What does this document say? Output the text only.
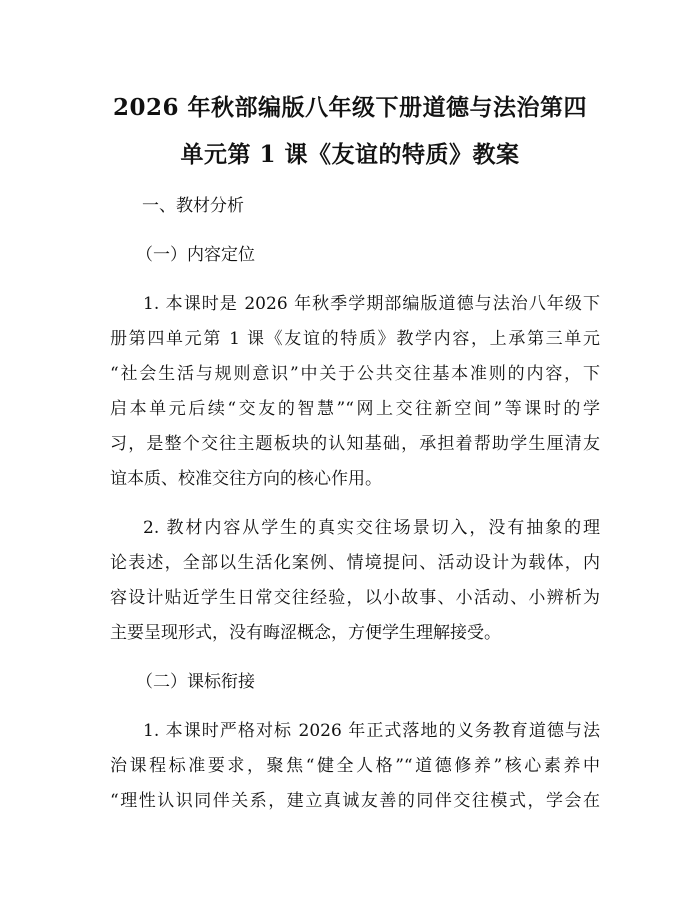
2026 年秋部编版八年级下册道德与法治第四
单元第 1 课《友谊的特质》教案
一、教材分析
（一）内容定位
1. 本课时是 2026 年秋季学期部编版道德与法治八年级下
册第四单元第 1 课《友谊的特质》教学内容，上承第三单元
“社会生活与规则意识”中关于公共交往基本准则的内容，下
启本单元后续“交友的智慧”“网上交往新空间”等课时的学
习，是整个交往主题板块的认知基础，承担着帮助学生厘清友
谊本质、校准交往方向的核心作用。
2. 教材内容从学生的真实交往场景切入，没有抽象的理
论表述，全部以生活化案例、情境提问、活动设计为载体，内
容设计贴近学生日常交往经验，以小故事、小活动、小辨析为
主要呈现形式，没有晦涩概念，方便学生理解接受。
（二）课标衔接
1. 本课时严格对标 2026 年正式落地的义务教育道德与法
治课程标准要求，聚焦“健全人格”“道德修养”核心素养中
“理性认识同伴关系，建立真诚友善的同伴交往模式，学会在
